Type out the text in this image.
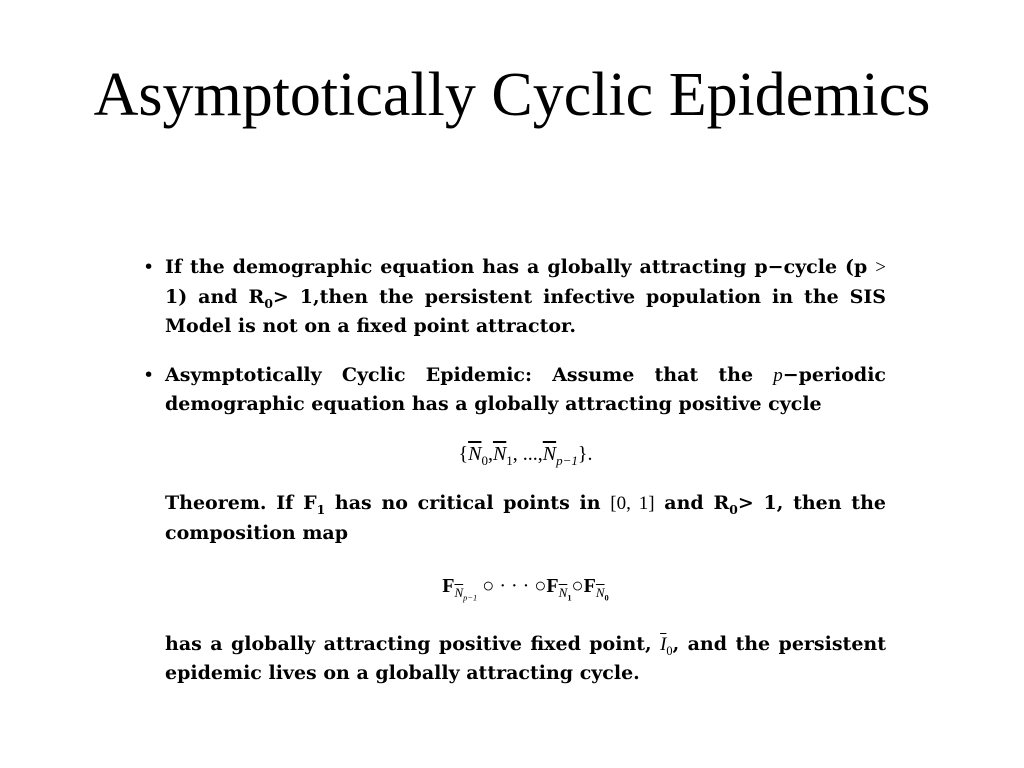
Asymptotically Cyclic Epidemics
• If the demographic equation has a globally attracting p−cycle (p > 1) and $R_0>$ 1,then the persistent infective population in the SIS Model is not on a fixed point attractor.
• Asymptotically Cyclic Epidemic: Assume that the p−periodic demographic equation has a globally attracting positive cycle
{$\overline{N}_0,\overline{N}_1$, $...,\overline{N}_{p-1}$}.
Theorem. If $F_1$ has no critical points in [0, 1] and $R_0> 1$, then the composition map
$F_{\overline{N}_{p-1}}$ ○ · · · $○F_{\overline{N}_1}○F_{\overline{N}_0}$
has a globally attracting positive fixed point, $\overline{I}_0$, and the persistent epidemic lives on a globally attracting cycle.
